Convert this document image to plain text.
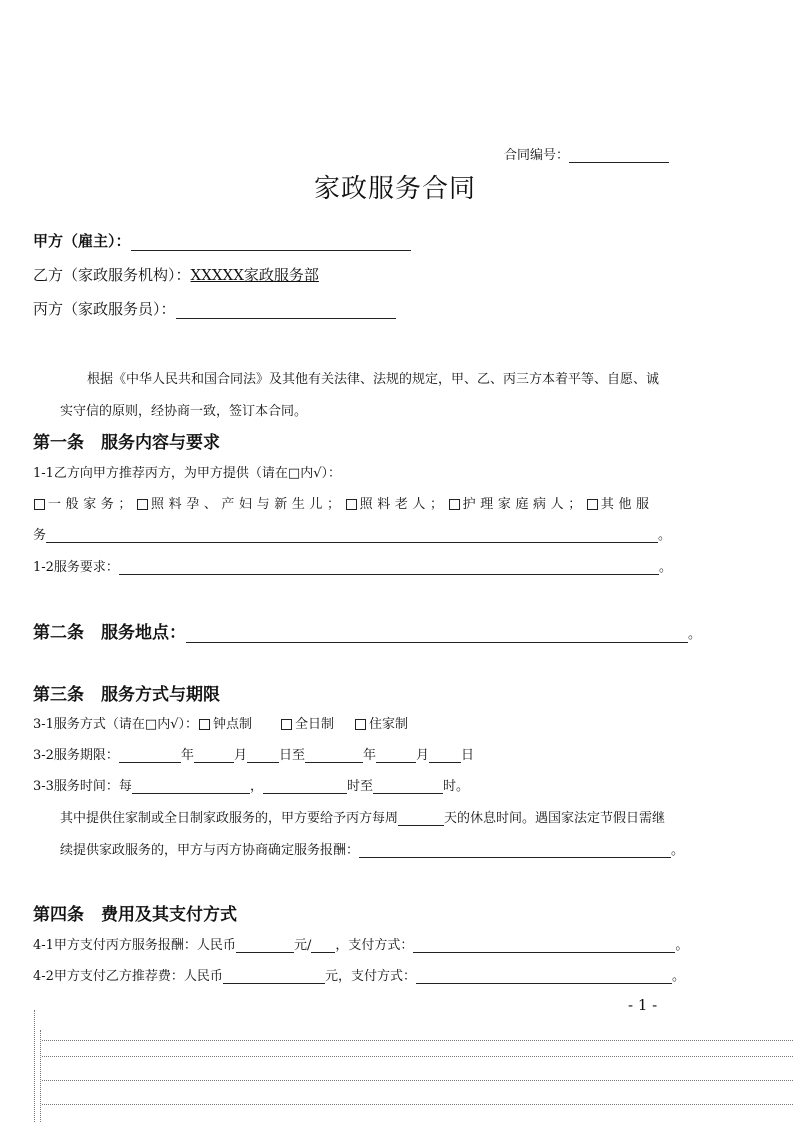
合同编号：
家政服务合同
甲方（雇主）：
乙方（家政服务机构）：XXXXX家政服务部
丙方（家政服务员）：
根据《中华人民共和国合同法》及其他有关法律、法规的规定，甲、乙、丙三方本着平等、自愿、诚
实守信的原则，经协商一致，签订本合同。
第一条　服务内容与要求
1-1乙方向甲方推荐丙方，为甲方提供（请在□内√）：
一般家务； 照料孕、产妇与新生儿； 照料老人； 护理家庭病人； 其他服
务	。
1-2服务要求：	。
第二条　服务地点：	。
第三条　服务方式与期限
3-1服务方式（请在□内√）： 钟点制	全日制	住家制
3-2服务期限：	年	月 日至	年	月 日
3-3服务时间：每	，	时至	时。
其中提供住家制或全日制家政服务的，甲方要给予丙方每周	天的休息时间。遇国家法定节假日需继
续提供家政服务的，甲方与丙方协商确定服务报酬：	。
第四条　费用及其支付方式
4-1甲方支付丙方服务报酬：人民币	元/ ，支付方式：	。
4-2甲方支付乙方推荐费：人民币	元，支付方式：	。
- 1 -
